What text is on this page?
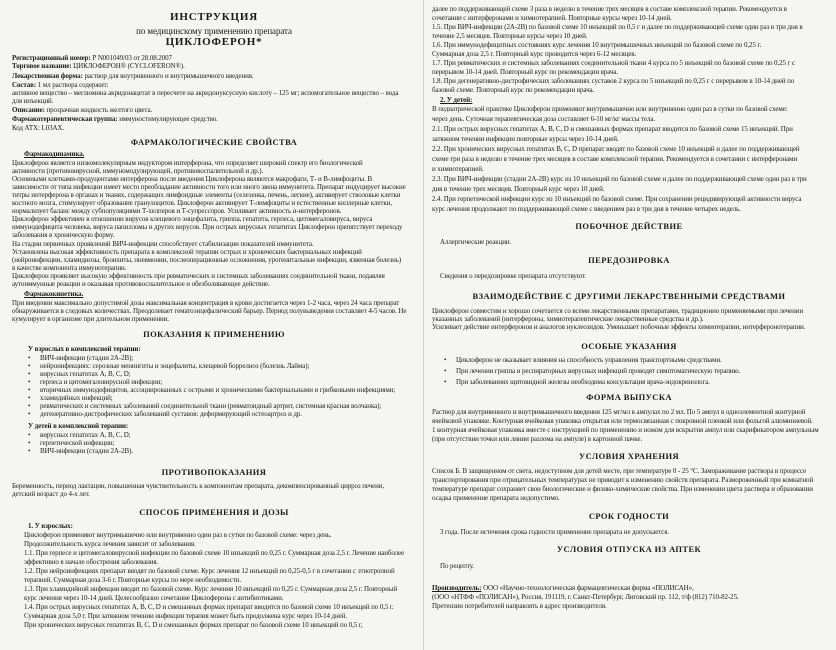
ИНСТРУКЦИЯ
по медицинскому применению препарата
ЦИКЛОФЕРОН*
Регистрационный номер: Р N001049/03 от 28.08.2007
Торговое название: ЦИКЛОФЕРОН® (CYCLOFERON®).
Лекарственная форма: раствор для внутривенного и внутримышечного введения.
Состав: 1 мл раствора содержит:
активное вещество – меглюмина акридонацетат в пересчете на акридонуксусную кислоту – 125 мг; вспомогательное вещество – вода
для инъекций.
Описание: прозрачная жидкость желтого цвета.
Фармакотерапевтическая группа: иммуностимулирующее средство.
Код АТХ: L03AX.
ФАРМАКОЛОГИЧЕСКИЕ СВОЙСТВА
Фармакодинамика.
Циклоферон является низкомолекулярным индуктором интерферона, что определяет широкий спектр его биологической
активности (противовирусной, иммуномодулирующей, противовоспалительной и др.).
Основными клетками-продуцентами интерферона после введения Циклоферона являются макрофаги, Т- и В-лимфоциты. В
зависимости от типа инфекции имеет место преобладание активности того или иного звена иммунитета. Препарат индуцирует высокие
титры интерферона в органах и тканях, содержащих лимфоидные элементы (селезенка, печень, легкие), активирует стволовые клетки
костного мозга, стимулирует образование гранулоцитов. Циклоферон активирует Т-лимфоциты и естественные киллерные клетки,
нормализует баланс между субпопуляциями Т-хелперов и Т-супрессоров. Усиливает активность α-интерферонов.
Циклоферон эффективен в отношении вирусов клещевого энцефалита, гриппа, гепатита, герпеса, цитомегаловируса, вируса
иммунодефицита человека, вируса папилломы и других вирусов. При острых вирусных гепатитах Циклоферон препятствует переходу
заболевания в хроническую форму.
На стадии первичных проявлений ВИЧ-инфекции способствует стабилизации показателей иммунитета.
Установлена высокая эффективность препарата в комплексной терапии острых и хронических бактериальных инфекций
(нейроинфекции, хламидиозы, бронхиты, пневмонии, послеоперационные осложнения, урогенитальные инфекции, язвенная болезнь)
в качестве компонента иммунотерапии.
Циклоферон проявляет высокую эффективность при ревматических и системных заболеваниях соединительной ткани, подавляя
аутоиммунные реакции и оказывая противовоспалительное и обезболивающее действие.
Фармакокинетика.
При введении максимально допустимой дозы максимальная концентрация в крови достигается через 1-2 часа, через 24 часа препарат
обнаруживается в следовых количествах. Преодолевает гематоэнцефалический барьер. Период полувыведения составляет 4-5 часов. Не
кумулирует в организме при длительном применении.
ПОКАЗАНИЯ К ПРИМЕНЕНИЮ
У взрослых в комплексной терапии:
• ВИЧ-инфекции (стадии 2А-2В);
• нейроинфекциях: серозные менингиты и энцефалиты, клещевой боррелиоз (болезнь Лайма);
• вирусных гепатитах А, В, С, D;
• герпеса и цитомегаловирусной инфекции;
• вторичных иммунодефицитов, ассоциированных с острыми и хроническими бактериальными и грибковыми инфекциями;
• хламидийных инфекций;
• ревматических и системных заболеваний соединительной ткани (ревматоидный артрит, системная красная волчанка);
• дегенеративно-дистрофических заболеваний суставов: деформирующий остеоартроз и др.
У детей в комплексной терапии:
• вирусных гепатитах А, В, С, D;
• герпетической инфекции;
• ВИЧ-инфекции (стадии 2А-2В).
ПРОТИВОПОКАЗАНИЯ
Беременность, период лактации, повышенная чувствительность к компонентам препарата, декомпенсированный цирроз печени,
детский возраст до 4-х лет.
СПОСОБ ПРИМЕНЕНИЯ И ДОЗЫ
1. У взрослых:
Циклоферон применяют внутримышечно или внутривенно один раз в сутки по базовой схеме: через день.
Продолжительность курса лечения зависит от заболевания.
1.1. При герпесе и цитомегаловирусной инфекции по базовой схеме 10 инъекций по 0,25 г. Суммарная доза 2,5 г. Лечение наиболее
эффективно в начале обострения заболевания.
1.2. При нейроинфекциях препарат вводят по базовой схеме. Курс лечения 12 инъекций по 0,25-0,5 г в сочетании с этиотропной
терапией. Суммарная доза 3-6 г. Повторные курсы по мере необходимости.
1.3. При хламидийной инфекции вводят по базовой схеме. Курс лечения 10 инъекций по 0,25 г. Суммарная доза 2,5 г. Повторный
курс лечения через 10-14 дней. Целесообразно сочетание Циклоферона с антибиотиками.
1.4. При острых вирусных гепатитах А, В, С, D и смешанных формах препарат вводится по базовой схеме 10 инъекций по 0,5 г.
Суммарная доза 5,0 г. При затяжном течении инфекции терапия может быть продолжена курс через 10-14 дней.
При хронических вирусных гепатитах В, С, D и смешанных формах препарат по базовой схеме 10 инъекций по 0,5 г,
далее по поддерживающей схеме 3 раза в неделю в течение трех месяцев в составе комплексной терапии. Рекомендуется в
сочетании с интерферонами и химиотерапией. Повторные курсы через 10-14 дней.
1.5. При ВИЧ-инфекции (2А-2В) по базовой схеме 10 инъекций по 0,5 г и далее по поддерживающей схеме один раз в три дня в
течение 2,5 месяцев. Повторные курсы через 10 дней.
1.6. При иммунодефицитных состояниях курс лечения 10 внутримышечных инъекций по базовой схеме по 0,25 г.
Суммарная доза 2,5 г. Повторный курс проводится через 6-12 месяцев.
1.7. При ревматических и системных заболеваниях соединительной ткани 4 курса по 5 инъекций по базовой схеме по 0,25 г с
перерывом 10-14 дней. Повторный курс по рекомендации врача.
1.8. При дегенеративно-дистрофических заболеваниях суставов 2 курса по 5 инъекций по 0,25 г с перерывом в 10-14 дней по
базовой схеме. Повторный курс по рекомендации врача.
2. У детей:
В педиатрической практике Циклоферон применяют внутримышечно или внутривенно один раз в сутки по базовой схеме:
через день. Суточная терапевтическая доза составляет 6-10 мг/кг массы тела.
2.1. При острых вирусных гепатитах А, В, С, D и смешанных формах препарат вводится по базовой схеме 15 инъекций. При
затяжном течении инфекции повторные курсы через 10-14 дней.
2.2. При хронических вирусных гепатитах В, С, D препарат вводят по базовой схеме 10 инъекций и далее по поддерживающей
схеме три раза в неделю в течение трех месяцев в составе комплексной терапии. Рекомендуется в сочетании с интерферонами
и химиотерапией.
2.3. При ВИЧ-инфекции (стадии 2А-2В) курс из 10 инъекций по базовой схеме и далее по поддерживающей схеме один раз в три
дня в течение трех месяцев. Повторный курс через 10 дней.
2.4. При герпетической инфекции курс из 10 инъекций по базовой схеме. При сохранении рецидивирующей активности вируса
курс лечения продолжают по поддерживающей схеме с введением раз в три дня в течение четырех недель.
ПОБОЧНОЕ ДЕЙСТВИЕ
Аллергические реакции.
ПЕРЕДОЗИРОВКА
Сведения о передозировке препарата отсутствуют.
ВЗАИМОДЕЙСТВИЕ С ДРУГИМИ ЛЕКАРСТВЕННЫМИ СРЕДСТВАМИ
Циклоферон совместим и хорошо сочетается со всеми лекарственными препаратами, традиционно применяемыми при лечении
указанных заболеваний (интерфероны, химиотерапевтические лекарственные средства и др.).
Усиливает действие интерферонов и аналогов нуклеозидов. Уменьшает побочные эффекты химиотерапии, интерферонотерапии.
ОСОБЫЕ УКАЗАНИЯ
• Циклоферон не оказывает влияния на способность управления транспортными средствами.
• При лечении гриппа и респираторных вирусных инфекций проводят симптоматическую терапию.
• При заболеваниях щитовидной железы необходима консультация врача-эндокринолога.
ФОРМА ВЫПУСКА
Раствор для внутривенного и внутримышечного введения 125 мг/мл в ампулах по 2 мл. По 5 ампул в одноэлементной контурной
ячейковой упаковке. Контурная ячейковая упаковка открытая или термосвязанная с покровной пленкой или фольгой алюминиевой.
1 контурная ячейковая упаковка вместе с инструкцией по применению и ножом для вскрытия ампул или скарификатором ампульным
(при отсутствии точки или линии разлома на ампуле) в картонной пачке.
УСЛОВИЯ ХРАНЕНИЯ
Список Б. В защищенном от света, недоступном для детей месте, при температуре 0 - 25 °С. Замораживание раствора в процессе
транспортирования при отрицательных температурах не приводит к изменению свойств препарата. Размороженный при комнатной
температуре препарат сохраняет свои биологические и физико-химические свойства. При изменении цвета раствора и образовании
осадка применение препарата недопустимо.
СРОК ГОДНОСТИ
3 года. После истечения срока годности применение препарата не допускается.
УСЛОВИЯ ОТПУСКА ИЗ АПТЕК
По рецепту.
Производитель: ООО «Научно-технологическая фармацевтическая фирма «ПОЛИСАН»,
(ООО «НТФФ «ПОЛИСАН»), Россия, 191119, г. Санкт-Петербург, Лиговский пр. 112, т/ф (812) 710-82-25.
Претензии потребителей направлять в адрес производителя.
